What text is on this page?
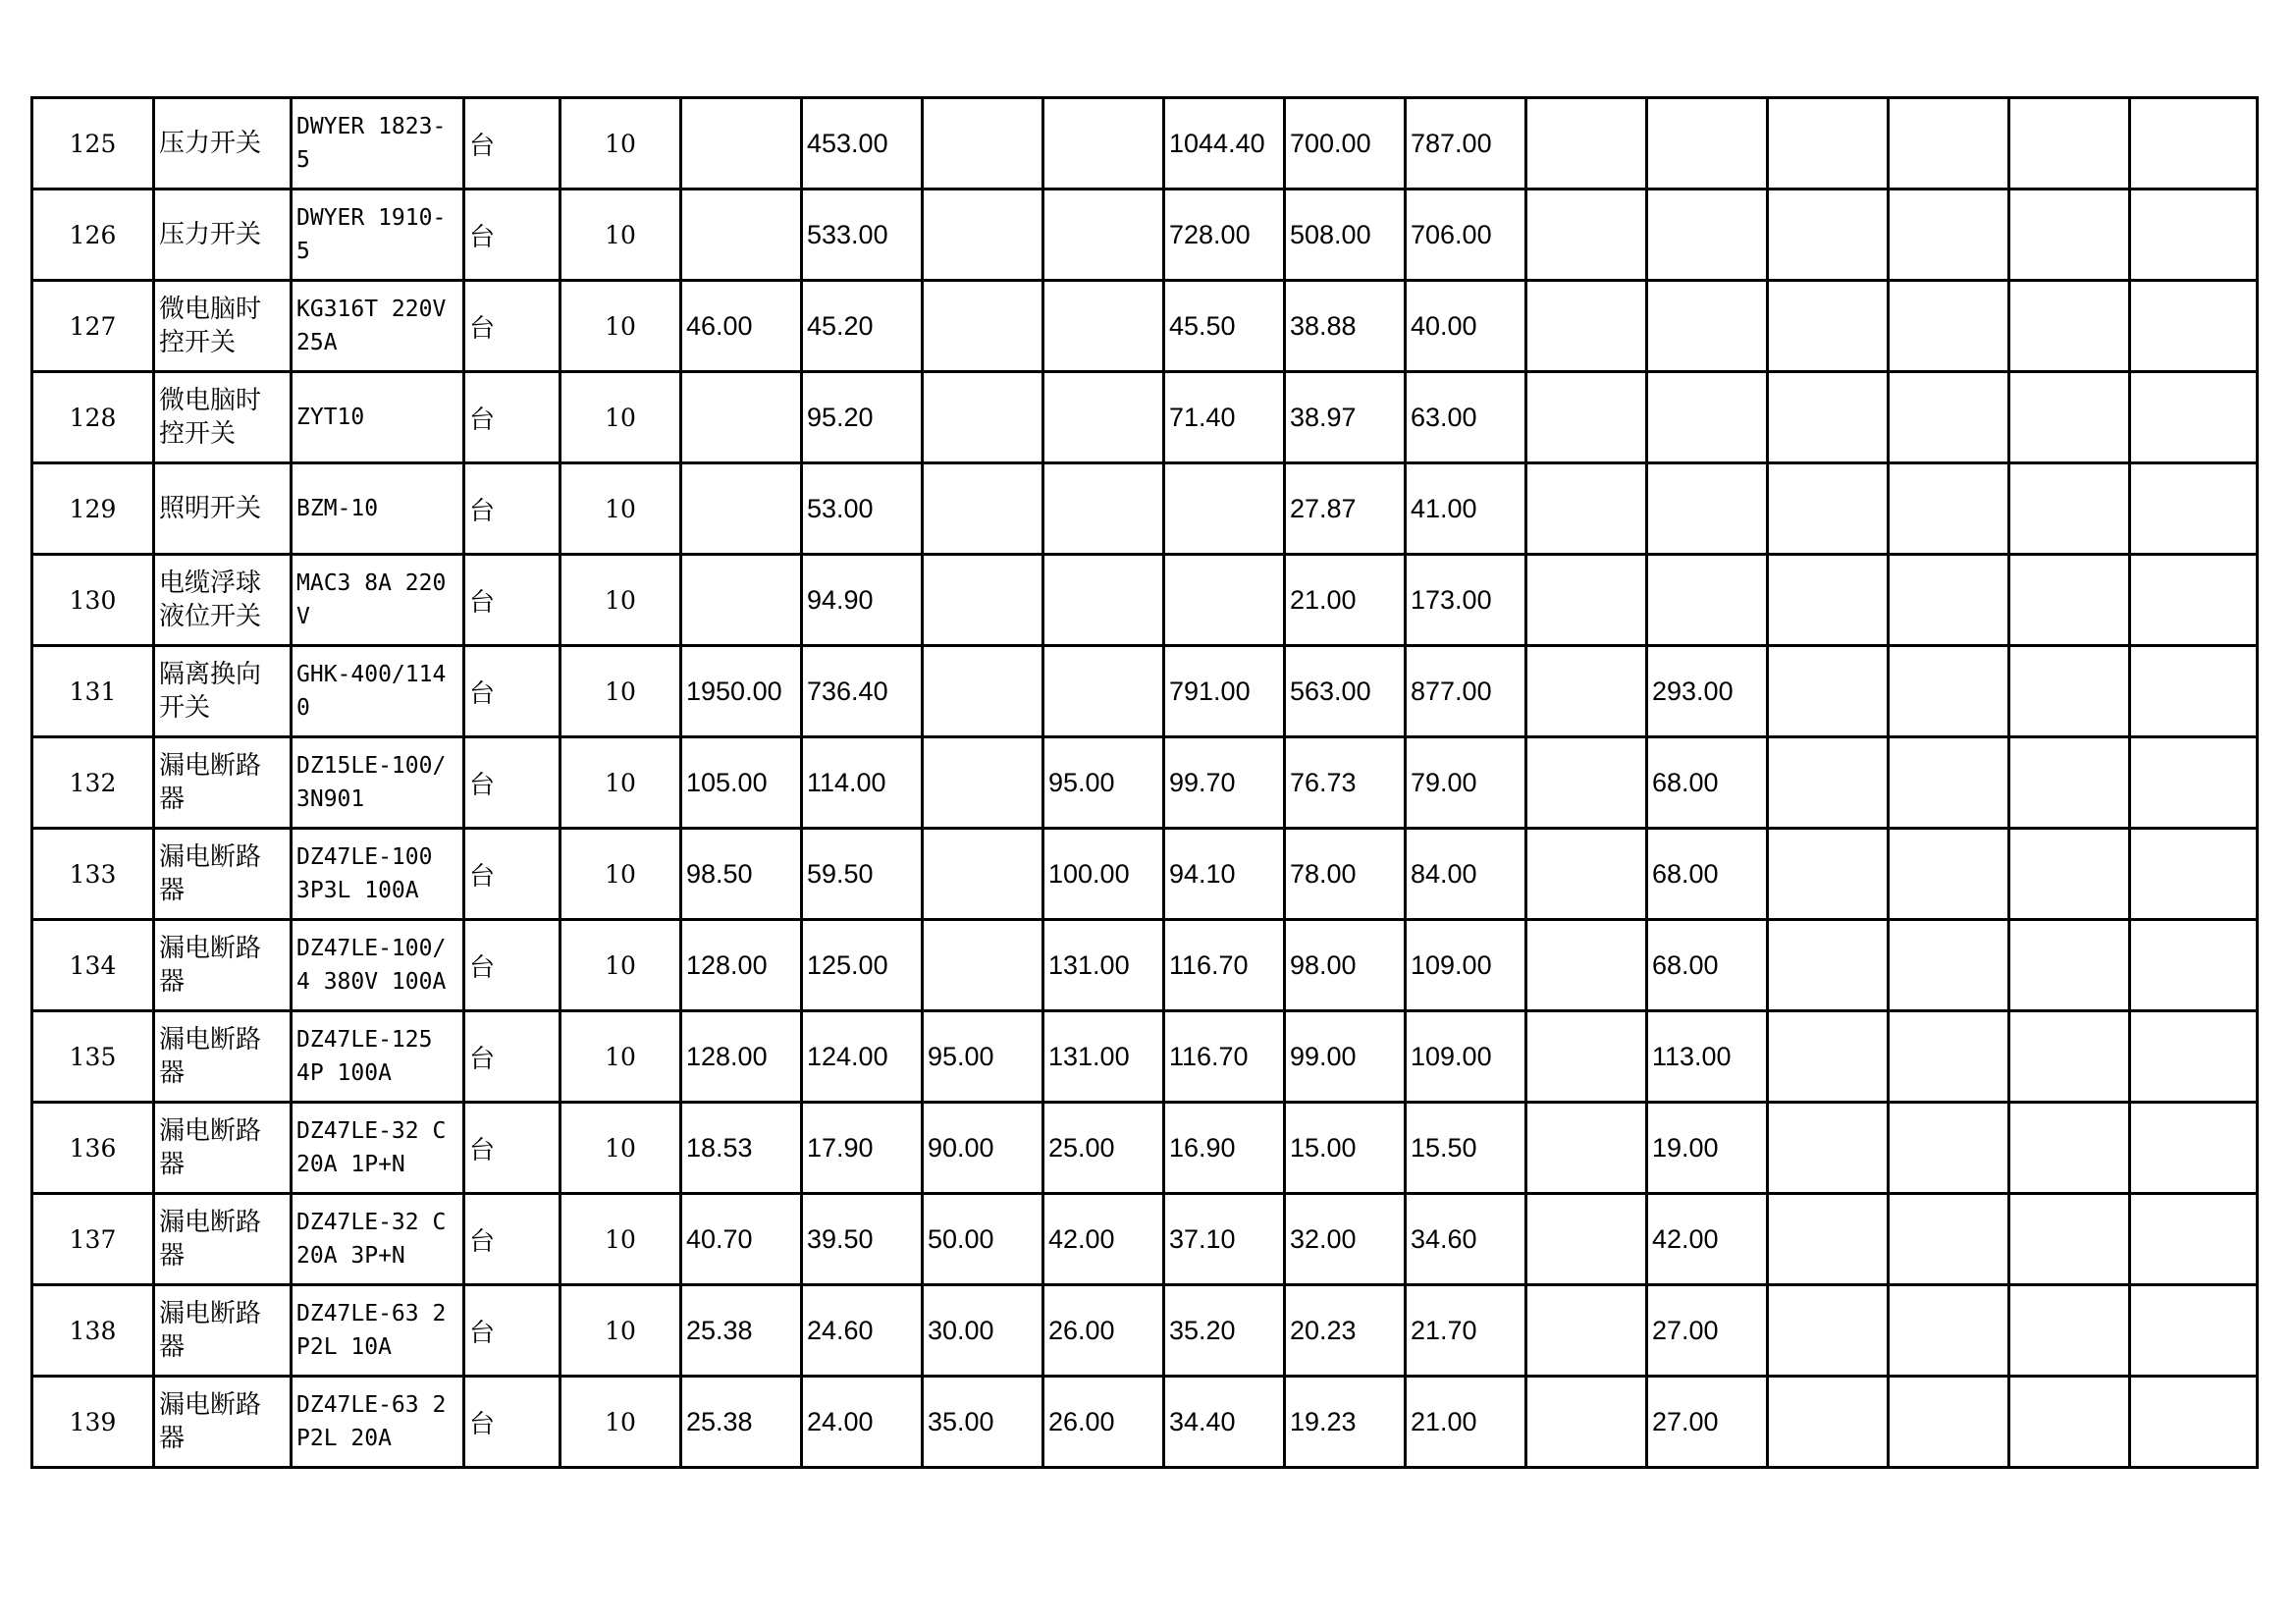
125	压力开关	DWYER 1823-5	台	10		453.00			1044.40	700.00	787.00						
126	压力开关	DWYER 1910-5	台	10		533.00			728.00	508.00	706.00						
127	微电脑时控开关	KG316T 220V 25A	台	10	46.00	45.20			45.50	38.88	40.00						
128	微电脑时控开关	ZYT10	台	10		95.20			71.40	38.97	63.00						
129	照明开关	BZM-10	台	10		53.00				27.87	41.00						
130	电缆浮球液位开关	MAC3 8A 220V	台	10		94.90				21.00	173.00						
131	隔离换向开关	GHK-400/1140	台	10	1950.00	736.40			791.00	563.00	877.00		293.00				
132	漏电断路器	DZ15LE-100/3N901	台	10	105.00	114.00		95.00	99.70	76.73	79.00		68.00				
133	漏电断路器	DZ47LE-100 3P3L 100A	台	10	98.50	59.50		100.00	94.10	78.00	84.00		68.00				
134	漏电断路器	DZ47LE-100/4 380V 100A	台	10	128.00	125.00		131.00	116.70	98.00	109.00		68.00				
135	漏电断路器	DZ47LE-125 4P 100A	台	10	128.00	124.00	95.00	131.00	116.70	99.00	109.00		113.00				
136	漏电断路器	DZ47LE-32 C20A 1P+N	台	10	18.53	17.90	90.00	25.00	16.90	15.00	15.50		19.00				
137	漏电断路器	DZ47LE-32 C20A 3P+N	台	10	40.70	39.50	50.00	42.00	37.10	32.00	34.60		42.00				
138	漏电断路器	DZ47LE-63 2P2L 10A	台	10	25.38	24.60	30.00	26.00	35.20	20.23	21.70		27.00				
139	漏电断路器	DZ47LE-63 2P2L 20A	台	10	25.38	24.00	35.00	26.00	34.40	19.23	21.00		27.00				
